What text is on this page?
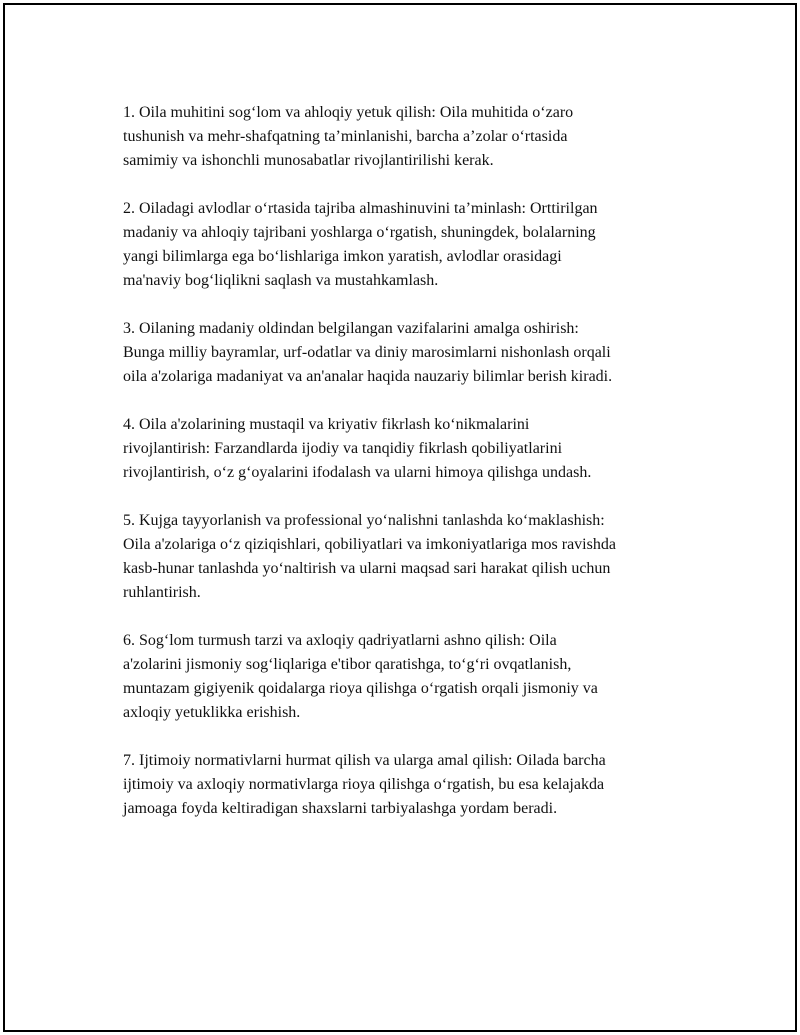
1. Oila muhitini sog‘lom va ahloqiy yetuk qilish: Oila muhitida o‘zaro
tushunish va mehr-shafqatning ta’minlanishi, barcha a’zolar o‘rtasida
samimiy va ishonchli munosabatlar rivojlantirilishi kerak.

2. Oiladagi avlodlar o‘rtasida tajriba almashinuvini ta’minlash: Orttirilgan
madaniy va ahloqiy tajribani yoshlarga o‘rgatish, shuningdek, bolalarning
yangi bilimlarga ega bo‘lishlariga imkon yaratish, avlodlar orasidagi
ma'naviy bog‘liqlikni saqlash va mustahkamlash.

3. Oilaning madaniy oldindan belgilangan vazifalarini amalga oshirish:
Bunga milliy bayramlar, urf-odatlar va diniy marosimlarni nishonlash orqali
oila a'zolariga madaniyat va an'analar haqida nauzariy bilimlar berish kiradi.

4. Oila a'zolarining mustaqil va kriyativ fikrlash ko‘nikmalarini
rivojlantirish: Farzandlarda ijodiy va tanqidiy fikrlash qobiliyatlarini
rivojlantirish, o‘z g‘oyalarini ifodalash va ularni himoya qilishga undash.

5. Kujga tayyorlanish va professional yo‘nalishni tanlashda ko‘maklashish:
Oila a'zolariga o‘z qiziqishlari, qobiliyatlari va imkoniyatlariga mos ravishda
kasb-hunar tanlashda yo‘naltirish va ularni maqsad sari harakat qilish uchun
ruhlantirish.

6. Sog‘lom turmush tarzi va axloqiy qadriyatlarni ashno qilish: Oila
a'zolarini jismoniy sog‘liqlariga e'tibor qaratishga, to‘g‘ri ovqatlanish,
muntazam gigiyenik qoidalarga rioya qilishga o‘rgatish orqali jismoniy va
axloqiy yetuklikka erishish.

7. Ijtimoiy normativlarni hurmat qilish va ularga amal qilish: Oilada barcha
ijtimoiy va axloqiy normativlarga rioya qilishga o‘rgatish, bu esa kelajakda
jamoaga foyda keltiradigan shaxslarni tarbiyalashga yordam beradi.
